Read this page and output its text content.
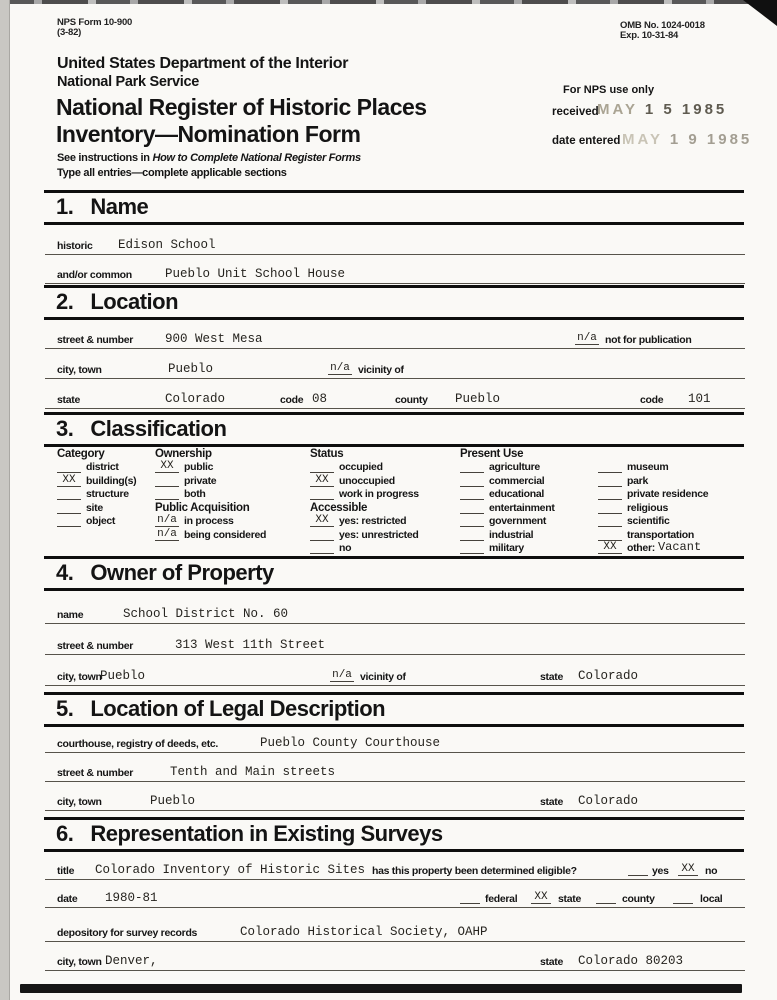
NPS Form 10-900
(3-82)
OMB No. 1024-0018
Exp. 10-31-84
United States Department of the Interior
National Park Service
National Register of Historic Places
Inventory—Nomination Form
See instructions in How to Complete National Register Forms
Type all entries—complete applicable sections
For NPS use only
received
MAY 1 5 1985
date entered MAY 1 9 1985
1. Name
historic Edison School
and/or common	Pueblo Unit School House
2. Location
street & number	900 West Mesa	n/a not for publication
city, town	Pueblo	n/a vicinity of
state	Colorado	code 08	county Pueblo	code 101
3. Classification
Category
district
XX building(s)
structure
site
object
Ownership
XX public
private
both
Public Acquisition
n/a in process
n/a being considered
Status
occupied
XX unoccupied
work in progress
Accessible
XX yes: restricted
yes: unrestricted
no
Present Use
agriculture
commercial
educational
entertainment
government
industrial
military
museum
park
private residence
religious
scientific
transportation
XX other: Vacant
4. Owner of Property
name	School District No. 60
street & number	313 West 11th Street
city, town
Pueblo	n/a vicinity of	state Colorado
5. Location of Legal Description
courthouse, registry of deeds, etc.	Pueblo County Courthouse
street & number	Tenth and Main streets
city, town	Pueblo	state Colorado
6. Representation in Existing Surveys
title Colorado Inventory of Historic Sites has this property been determined eligible?	yes	XX no
date 1980-81	federal	XX state	county	local
depository for survey records	Colorado Historical Society, OAHP
city, town Denver,	state Colorado 80203
